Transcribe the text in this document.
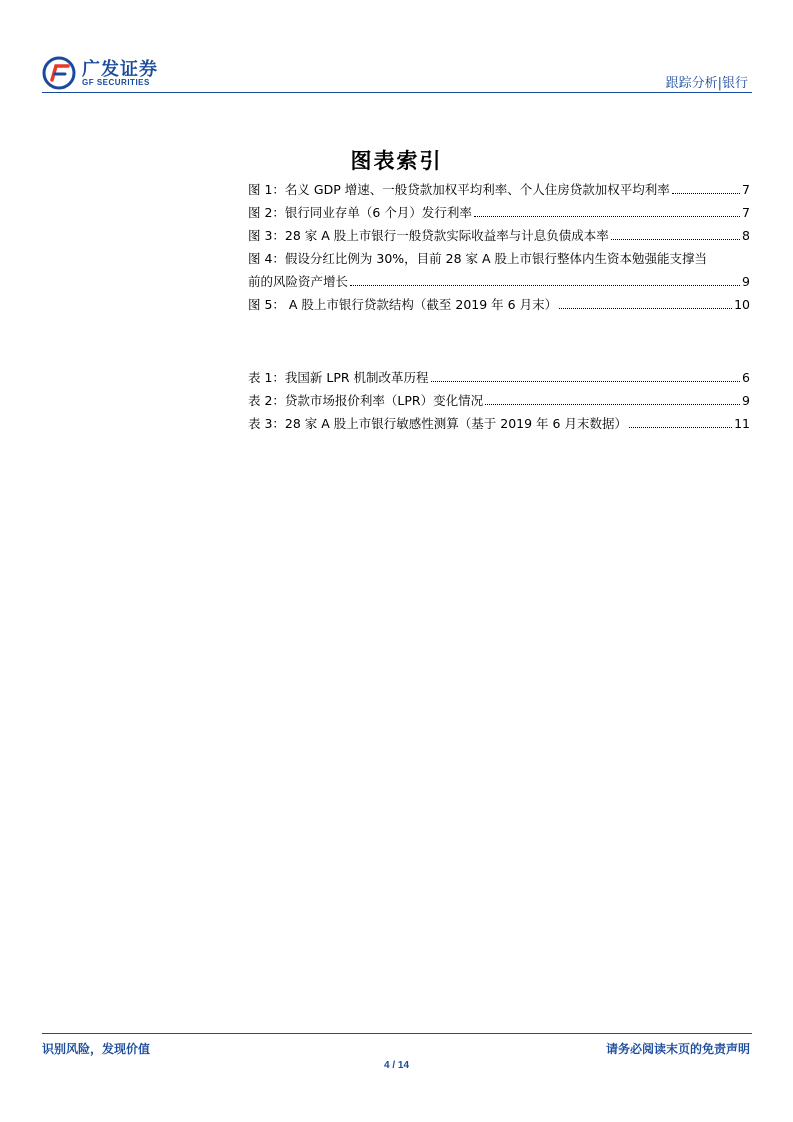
广发证券
GF SECURITIES	跟踪分析|银行
图表索引
图 1：名义 GDP 增速、一般贷款加权平均利率、个人住房贷款加权平均利率	7
图 2：银行同业存单（6 个月）发行利率	7
图 3：28 家 A 股上市银行一般贷款实际收益率与计息负债成本率	8
图 4：假设分红比例为 30%，目前 28 家 A 股上市银行整体内生资本勉强能支撑当
前的风险资产增长	9
图 5： A 股上市银行贷款结构（截至 2019 年 6 月末）	10
表 1：我国新 LPR 机制改革历程	6
表 2：贷款市场报价利率（LPR）变化情况	9
表 3：28 家 A 股上市银行敏感性测算（基于 2019 年 6 月末数据）	11
识别风险，发现价值	请务必阅读末页的免责声明
4 / 14
